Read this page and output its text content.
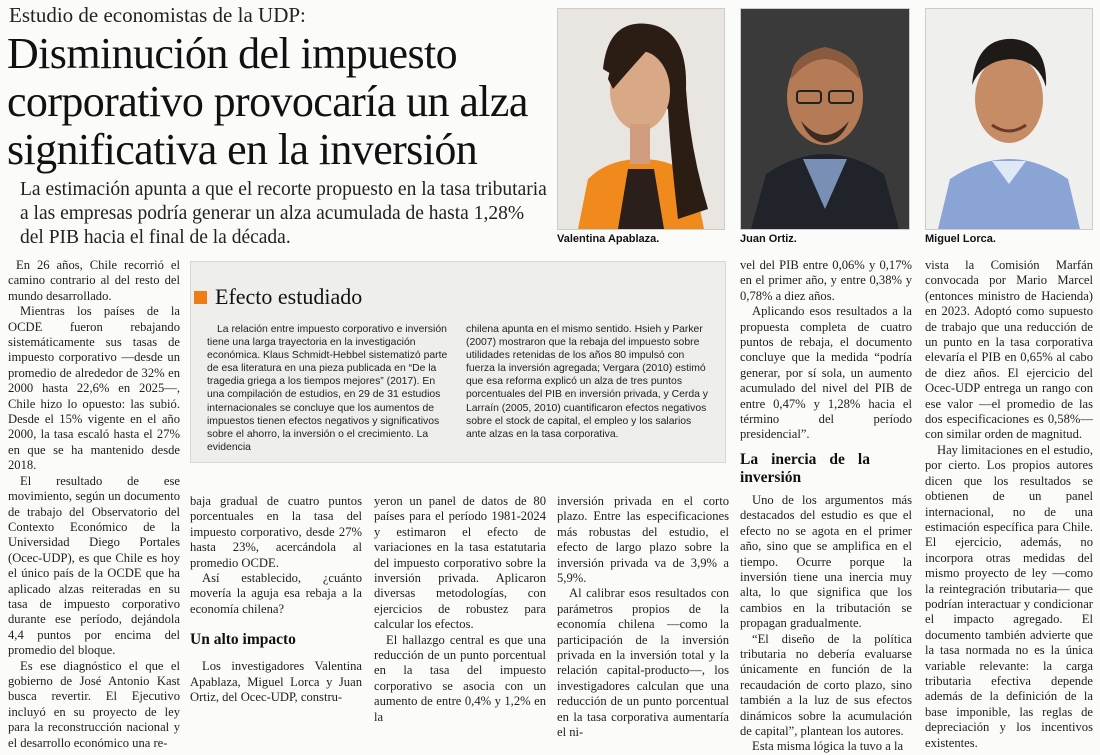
Estudio de economistas de la UDP:
Disminución del impuesto corporativo provocaría un alza significativa en la inversión
La estimación apunta a que el recorte propuesto en la tasa tributaria a las empresas podría generar un alza acumulada de hasta 1,28% del PIB hacia el final de la década.	Valentina Apablaza.	Juan Ortiz.	Miguel Lorca.

En 26 años, Chile recorrió el camino contrario al del resto del mundo desarrollado.

Mientras los países de la OCDE fueron rebajando sistemáticamente sus tasas de impuesto corporativo —desde un promedio de alrededor de 32% en 2000 hasta 22,6% en 2025—, Chile hizo lo opuesto: las subió. Desde el 15% vigente en el año 2000, la tasa escaló hasta el 27% en que se ha mantenido desde 2018.

El resultado de ese movimiento, según un documento de trabajo del Observatorio del Contexto Económico de la Universidad Diego Portales (Ocec-UDP), es que Chile es hoy el único país de la OCDE que ha aplicado alzas reiteradas en su tasa de impuesto corporativo durante ese período, dejándola 4,4 puntos por encima del promedio del bloque.

Es ese diagnóstico el que el gobierno de José Antonio Kast busca revertir. El Ejecutivo incluyó en su proyecto de ley para la reconstrucción nacional y el desarrollo económico una re-

Efecto estudiado

La relación entre impuesto corporativo e inversión tiene una larga trayectoria en la investigación económica. Klaus Schmidt-Hebbel sistematizó parte de esa literatura en una pieza publicada en “De la tragedia griega a los tiempos mejores” (2017). En una compilación de estudios, en 29 de 31 estudios internacionales se concluye que los aumentos de impuestos tienen efectos negativos y significativos sobre el ahorro, la inversión o el crecimiento. La evidencia

chilena apunta en el mismo sentido. Hsieh y Parker (2007) mostraron que la rebaja del impuesto sobre utilidades retenidas de los años 80 impulsó con fuerza la inversión agregada; Vergara (2010) estimó que esa reforma explicó un alza de tres puntos porcentuales del PIB en inversión privada, y Cerda y Larraín (2005, 2010) cuantificaron efectos negativos sobre el stock de capital, el empleo y los salarios ante alzas en la tasa corporativa.

baja gradual de cuatro puntos porcentuales en la tasa del impuesto corporativo, desde 27% hasta 23%, acercándola al promedio OCDE.

Así establecido, ¿cuánto movería la aguja esa rebaja a la economía chilena?

Un alto impacto

Los investigadores Valentina Apablaza, Miguel Lorca y Juan Ortiz, del Ocec-UDP, constru-

yeron un panel de datos de 80 países para el período 1981-2024 y estimaron el efecto de variaciones en la tasa estatutaria del impuesto corporativo sobre la inversión privada. Aplicaron diversas metodologías, con ejercicios de robustez para calcular los efectos.

El hallazgo central es que una reducción de un punto porcentual en la tasa del impuesto corporativo se asocia con un aumento de entre 0,4% y 1,2% en la

inversión privada en el corto plazo. Entre las especificaciones más robustas del estudio, el efecto de largo plazo sobre la inversión privada va de 3,9% a 5,9%.

Al calibrar esos resultados con parámetros propios de la economía chilena —como la participación de la inversión privada en la inversión total y la relación capital-producto—, los investigadores calculan que una reducción de un punto porcentual en la tasa corporativa aumentaría el ni-

vel del PIB entre 0,06% y 0,17% en el primer año, y entre 0,38% y 0,78% a diez años.

Aplicando esos resultados a la propuesta completa de cuatro puntos de rebaja, el documento concluye que la medida “podría generar, por sí sola, un aumento acumulado del nivel del PIB de entre 0,47% y 1,28% hacia el término del período presidencial”.

La inercia de la inversión

Uno de los argumentos más destacados del estudio es que el efecto no se agota en el primer año, sino que se amplifica en el tiempo. Ocurre porque la inversión tiene una inercia muy alta, lo que significa que los cambios en la tributación se propagan gradualmente.

“El diseño de la política tributaria no debería evaluarse únicamente en función de la recaudación de corto plazo, sino también a la luz de sus efectos dinámicos sobre la acumulación de capital”, plantean los autores.

Esta misma lógica la tuvo a la

vista la Comisión Marfán convocada por Mario Marcel (entonces ministro de Hacienda) en 2023. Adoptó como supuesto de trabajo que una reducción de un punto en la tasa corporativa elevaría el PIB en 0,65% al cabo de diez años. El ejercicio del Ocec-UDP entrega un rango con ese valor —el promedio de las dos especificaciones es 0,58%— con similar orden de magnitud.

Hay limitaciones en el estudio, por cierto. Los propios autores dicen que los resultados se obtienen de un panel internacional, no de una estimación específica para Chile. El ejercicio, además, no incorpora otras medidas del mismo proyecto de ley —como la reintegración tributaria— que podrían interactuar y condicionar el impacto agregado. El documento también advierte que la tasa normada no es la única variable relevante: la carga tributaria efectiva depende además de la definición de la base imponible, las reglas de depreciación y los incentivos existentes.
